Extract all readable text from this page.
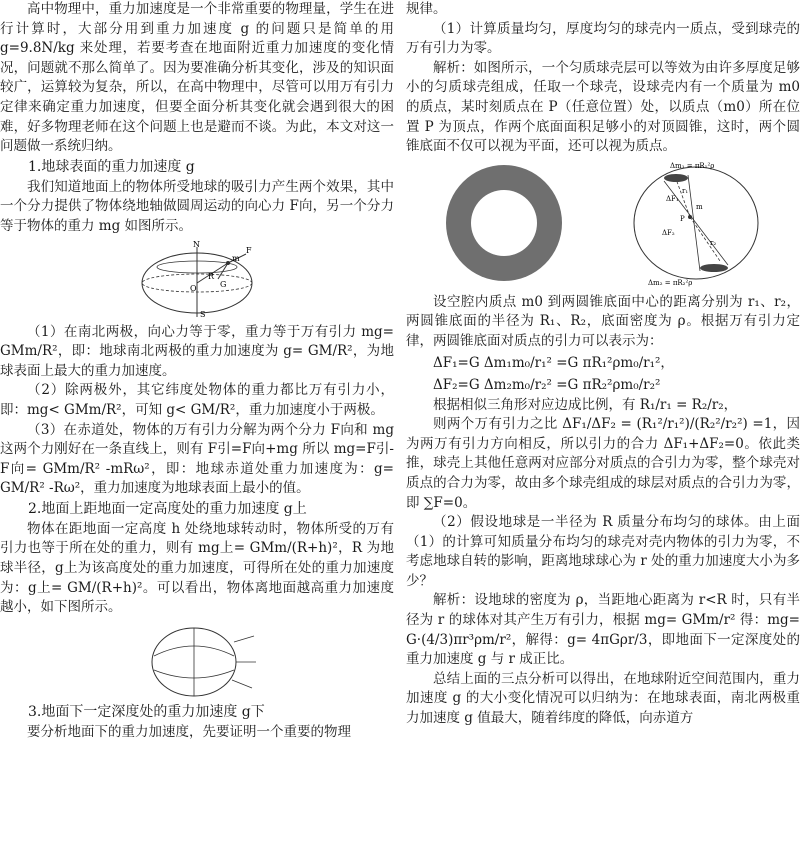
高中物理中，重力加速度是一个非常重要的物理量，学生在进行计算时，大部分用到重力加速度 g 的问题只是简单的用 g=9.8N/kg 来处理，若要考查在地面附近重力加速度的变化情况，问题就不那么简单了。因为要准确分析其变化，涉及的知识面较广，运算较为复杂，所以，在高中物理中，尽管可以用万有引力定律来确定重力加速度，但要全面分析其变化就会遇到很大的困难，好多物理老师在这个问题上也是避而不谈。为此，本文对这一问题做一系统归纳。

1.地球表面的重力加速度 g

我们知道地面上的物体所受地球的吸引力产生两个效果，其中一个分力提供了物体绕地轴做圆周运动的向心力 F向，另一个分力等于物体的重力 mg 如图所示。

N
S
O
R
m
G
F

（1）在南北两极，向心力等于零，重力等于万有引力 mg= GMm/R²，即：地球南北两极的重力加速度为 g= GM/R²，为地球表面上最大的重力加速度。

（2）除两极外，其它纬度处物体的重力都比万有引力小，即：mg< GMm/R²，可知 g< GM/R²，重力加速度小于两极。

（3）在赤道处，物体的万有引力分解为两个分力 F向和 mg 这两个力刚好在一条直线上，则有 F引=F向+mg 所以 mg=F引-F向= GMm/R² -mRω²，即：地球赤道处重力加速度为：g= GM/R² -Rω²，重力加速度为地球表面上最小的值。

2.地面上距地面一定高度处的重力加速度 g上

物体在距地面一定高度 h 处绕地球转动时，物体所受的万有引力也等于所在处的重力，则有 mg上= GMm/(R+h)²，R 为地球半径，g上为该高度处的重力加速度，可得所在处的重力加速度为：g上= GM/(R+h)²。可以看出，物体离地面越高重力加速度越小，如下图所示。

3.地面下一定深度处的重力加速度 g下

要分析地面下的重力加速度，先要证明一个重要的物理

规律。

（1）计算质量均匀，厚度均匀的球壳内一质点，受到球壳的万有引力为零。

解析：如图所示，一个匀质球壳层可以等效为由许多厚度足够小的匀质球壳组成，任取一个球壳，设球壳内有一个质量为 m0 的质点，某时刻质点在 P（任意位置）处，以质点（m0）所在位置 P 为顶点，作两个底面面积足够小的对顶圆锥，这时，两个圆锥底面不仅可以视为平面，还可以视为质点。

Δm₁ = πR₁²ρ
Δm₂ = πR₂²ρ
ΔF₁
ΔF₂
P
m
r₁
r₂

设空腔内质点 m0 到两圆锥底面中心的距离分别为 r₁、r₂，两圆锥底面的半径为 R₁、R₂，底面密度为 ρ。根据万有引力定律，两圆锥底面对质点的引力可以表示为：

ΔF₁=G Δm₁m₀/r₁² =G πR₁²ρm₀/r₁²，
ΔF₂=G Δm₂m₀/r₂² =G πR₂²ρm₀/r₂²

根据相似三角形对应边成比例，有 R₁/r₁ = R₂/r₂，

则两个万有引力之比 ΔF₁/ΔF₂ = (R₁²/r₁²)/(R₂²/r₂²) =1，因为两万有引力方向相反，所以引力的合力 ΔF₁+ΔF₂=0。依此类推，球壳上其他任意两对应部分对质点的合引力为零，整个球壳对质点的合力为零，故由多个球壳组成的球层对质点的合引力为零，即 ∑F=0。

（2）假设地球是一半径为 R 质量分布均匀的球体。由上面（1）的计算可知质量分布均匀的球壳对壳内物体的引力为零，不考虑地球自转的影响，距离地球球心为 r 处的重力加速度大小为多少？

解析：设地球的密度为 ρ，当距地心距离为 r<R 时，只有半径为 r 的球体对其产生万有引力，根据 mg= GMm/r² 得：mg= G·(4/3)πr³ρm/r²，解得：g= 4πGρr/3，即地面下一定深度处的重力加速度 g 与 r 成正比。

总结上面的三点分析可以得出，在地球附近空间范围内，重力加速度 g 的大小变化情况可以归纳为：在地球表面，南北两极重力加速度 g 值最大，随着纬度的降低，向赤道方
